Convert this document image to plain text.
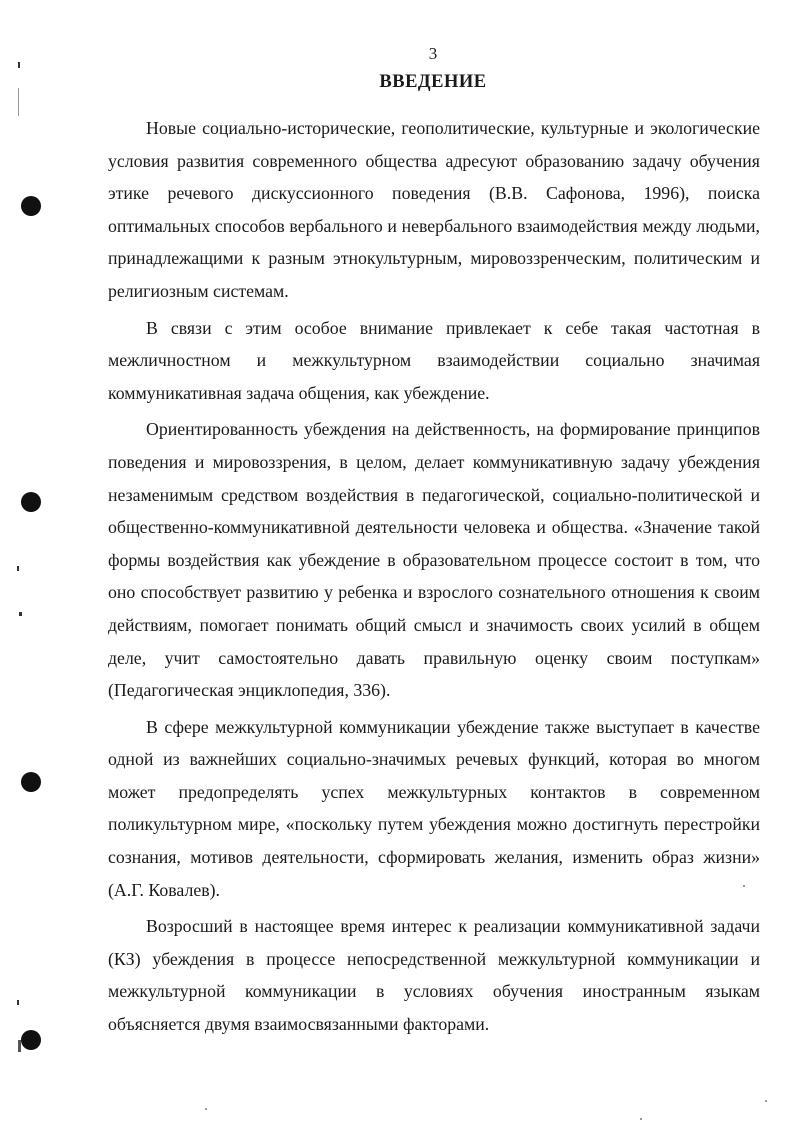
3
ВВЕДЕНИЕ

Новые социально-исторические, геополитические, культурные и экологические условия развития современного общества адресуют образованию задачу обучения этике речевого дискуссионного поведения (В.В. Сафонова, 1996), поиска оптимальных способов вербального и невербального взаимодействия между людьми, принадлежащими к разным этнокультурным, мировоззренческим, политическим и религиозным системам.

В связи с этим особое внимание привлекает к себе такая частотная в межличностном и межкультурном взаимодействии социально значимая коммуникативная задача общения, как убеждение.

Ориентированность убеждения на действенность, на формирование принципов поведения и мировоззрения, в целом, делает коммуникативную задачу убеждения незаменимым средством воздействия в педагогической, социально-политической и общественно-коммуникативной деятельности человека и общества. «Значение такой формы воздействия как убеждение в образовательном процессе состоит в том, что оно способствует развитию у ребенка и взрослого сознательного отношения к своим действиям, помогает понимать общий смысл и значимость своих усилий в общем деле, учит самостоятельно давать правильную оценку своим поступкам» (Педагогическая энциклопедия, 336).

В сфере межкультурной коммуникации убеждение также выступает в качестве одной из важнейших социально-значимых речевых функций, которая во многом может предопределять успех межкультурных контактов в современном поликультурном мире, «поскольку путем убеждения можно достигнуть перестройки сознания, мотивов деятельности, сформировать желания, изменить образ жизни» (А.Г. Ковалев).

Возросший в настоящее время интерес к реализации коммуникативной задачи (КЗ) убеждения в процессе непосредственной межкультурной коммуникации и межкультурной коммуникации в условиях обучения иностранным языкам объясняется двумя взаимосвязанными факторами.
